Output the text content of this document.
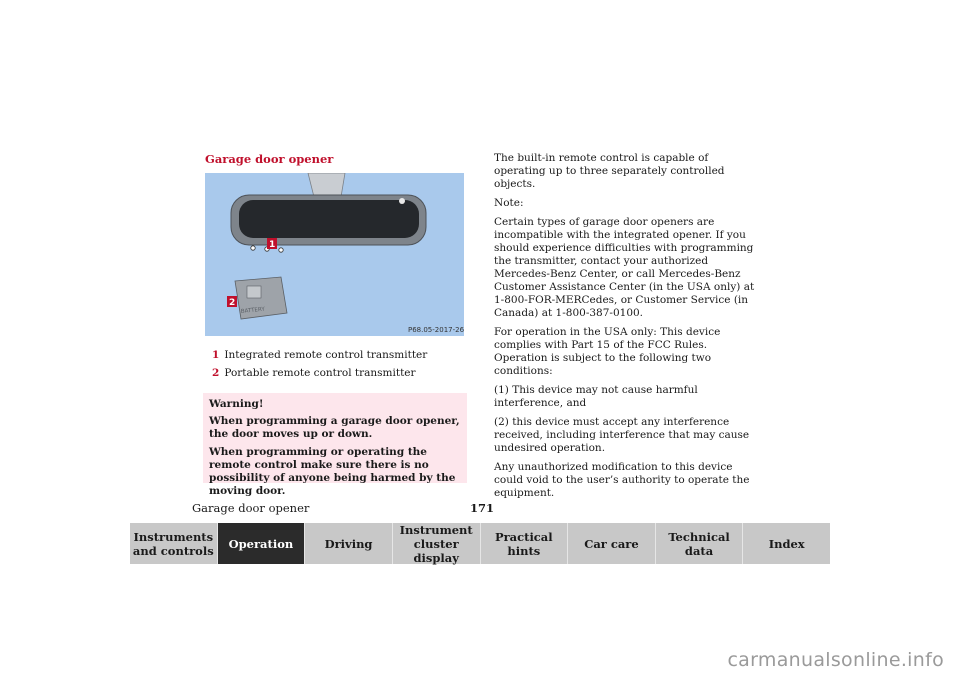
Garage door opener
1
BATTERY
2
P68.05-2017-26
1 Integrated remote control transmitter
2 Portable remote control transmitter

Warning!

When programming a garage door opener, the door moves up or down.

When programming or operating the remote control make sure there is no possibility of anyone being harmed by the moving door.

The built-in remote control is capable of operating up to three separately controlled objects.

Note:

Certain types of garage door openers are incompatible with the integrated opener. If you should experience difficulties with programming the transmitter, contact your authorized Mercedes-Benz Center, or call Mercedes-Benz Customer Assistance Center (in the USA only) at 1-800-FOR-MERCedes, or Customer Service (in Canada) at 1-800-387-0100.

For operation in the USA only: This device complies with Part 15 of the FCC Rules. Operation is subject to the following two conditions:

(1) This device may not cause harmful interference, and

(2) this device must accept any interference received, including interference that may cause undesired operation.

Any unauthorized modification to this device could void to the user’s authority to operate the equipment.

Garage door opener	171
Instruments
and controls	Operation	Driving
Instrument
cluster display
Practical hints	Car care	Technical
data	Index
carmanualsonline.info
